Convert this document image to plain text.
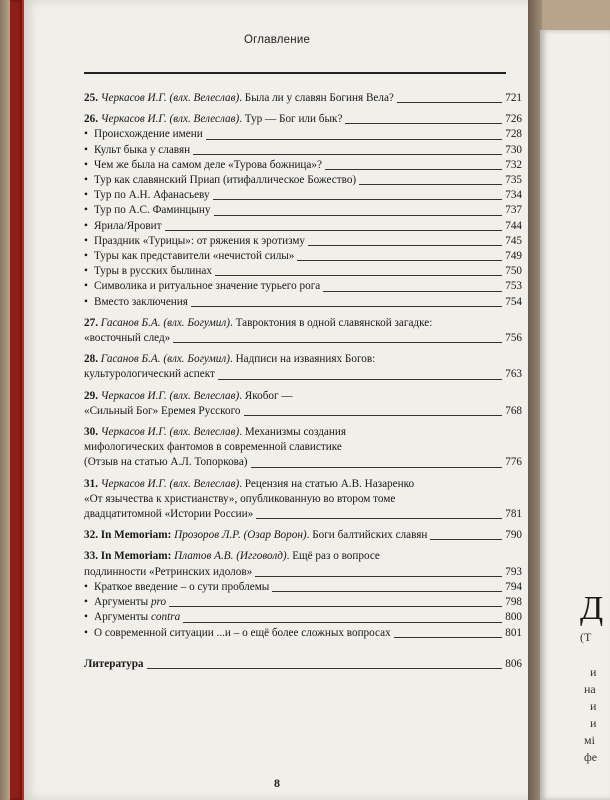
Оглавление
25. Черкасов И.Г. (влх. Велеслав). Была ли у славян Богиня Вела?	721
26. Черкасов И.Г. (влх. Велеслав). Тур — Бог или бык?	726
• Происхождение имени	728
• Культ быка у славян	730
• Чем же была на самом деле «Турова божница»?	732
• Тур как славянский Приап (итифаллическое Божество)	735
• Тур по А.Н. Афанасьеву	734
• Тур по А.С. Фаминцыну	737
• Ярила/Яровит	744
• Праздник «Турицы»: от ряжения к эротизму	745
• Туры как представители «нечистой силы»	749
• Туры в русских былинах	750
• Символика и ритуальное значение турьего рога	753
• Вместо заключения	754
27. Гасанов Б.А. (влх. Богумил). Тавроктония в одной славянской загадке:
«восточный след»	756
28. Гасанов Б.А. (влх. Богумил). Надписи на изваяниях Богов:
культурологический аспект	763
29. Черкасов И.Г. (влх. Велеслав). Якобог —
«Сильный Бог» Еремея Русского	768
30. Черкасов И.Г. (влх. Велеслав). Механизмы создания
мифологических фантомов в современной славистике
(Отзыв на статью А.Л. Топоркова)	776
31. Черкасов И.Г. (влх. Велеслав). Рецензия на статью А.В. Назаренко
«От язычества к христианству», опубликованную во втором томе
двадцатитомной «Истории России»	781
32. In Memoriam: Прозоров Л.Р. (Озар Ворон). Боги балтийских славян	790
33. In Memoriam: Платов А.В. (Игговолд). Ещё раз о вопросе
подлинности «Ретринских идолов»	793
• Краткое введение – о сути проблемы	794
• Аргументы pro	798
• Аргументы contra	800
• О современной ситуации ...и – о ещё более сложных вопросах	801
Литература	806
8
Д
(Т
и
на
и
и
мі
фе
